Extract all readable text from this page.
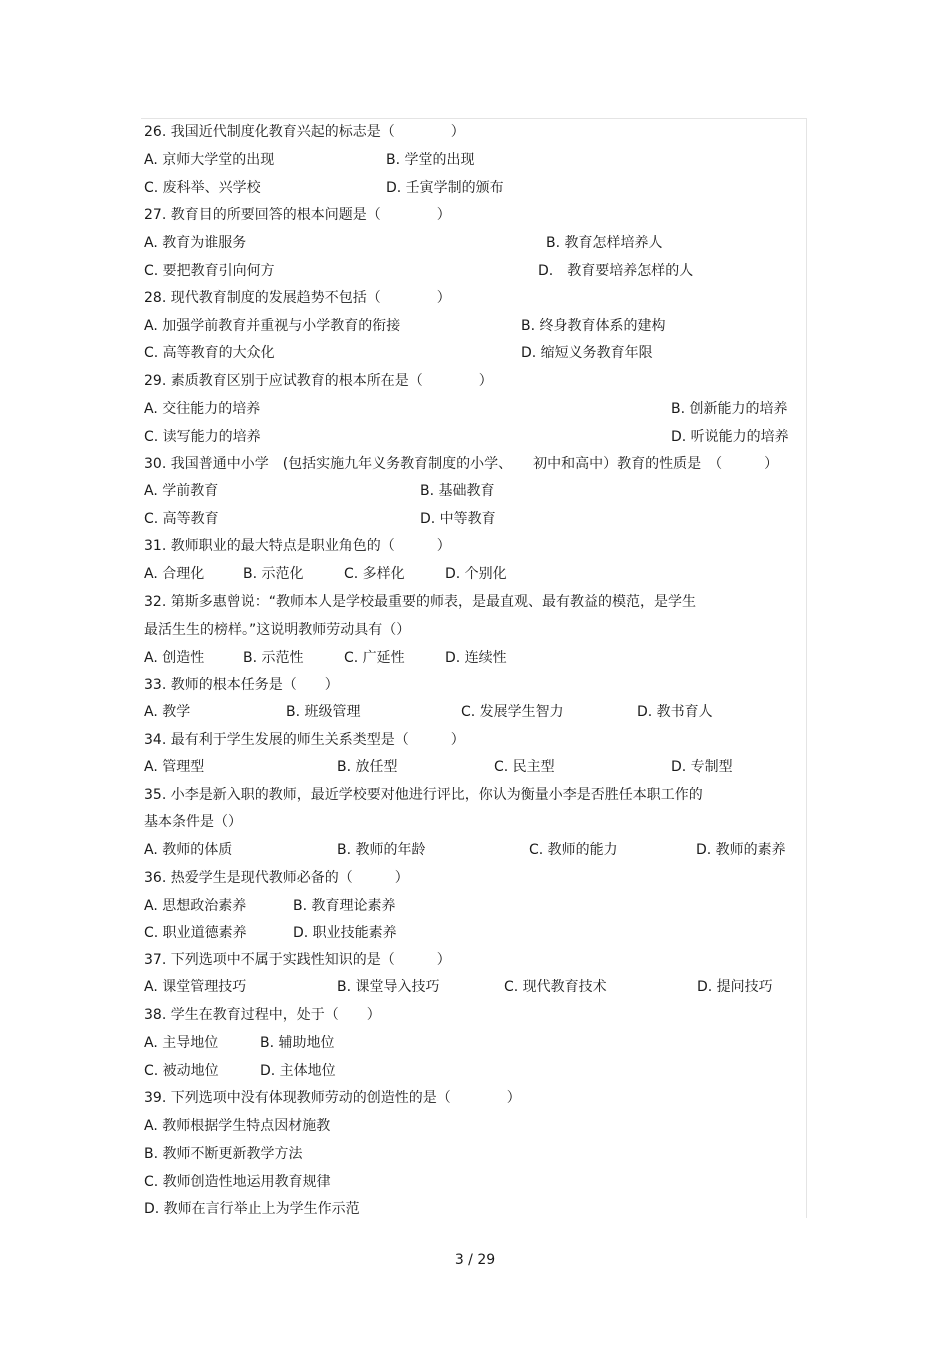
26. 我国近代制度化教育兴起的标志是（　　　　）
A. 京师大学堂的出现	B. 学堂的出现
C. 废科举、兴学校	D. 壬寅学制的颁布
27. 教育目的所要回答的根本问题是（　　　　）
A. 教育为谁服务	B. 教育怎样培养人
C. 要把教育引向何方	D.　教育要培养怎样的人
28. 现代教育制度的发展趋势不包括（　　　　）
A. 加强学前教育并重视与小学教育的衔接	B. 终身教育体系的建构
C. 高等教育的大众化	D. 缩短义务教育年限
29. 素质教育区别于应试教育的根本所在是（　　　　）
A. 交往能力的培养	B. 创新能力的培养
C. 读写能力的培养	D. 听说能力的培养
30. 我国普通中小学　(包括实施九年义务教育制度的小学、　　初中和高中）教育的性质是　（　　　）
A. 学前教育	B. 基础教育
C. 高等教育	D. 中等教育
31. 教师职业的最大特点是职业角色的（　　　）
A. 合理化	B. 示范化	C. 多样化	D. 个别化
32. 第斯多惠曾说：“教师本人是学校最重要的师表，是最直观、最有教益的模范，是学生
最活生生的榜样。”这说明教师劳动具有（）
A. 创造性	B. 示范性	C. 广延性	D. 连续性
33. 教师的根本任务是（　　）
A. 教学	B. 班级管理	C. 发展学生智力	D. 教书育人
34. 最有利于学生发展的师生关系类型是（　　　）
A. 管理型	B. 放任型	C. 民主型	D. 专制型
35. 小李是新入职的教师，最近学校要对他进行评比，你认为衡量小李是否胜任本职工作的
基本条件是（）
A. 教师的体质	B. 教师的年龄	C. 教师的能力	D. 教师的素养
36. 热爱学生是现代教师必备的（　　　）
A. 思想政治素养	B. 教育理论素养
C. 职业道德素养	D. 职业技能素养
37. 下列选项中不属于实践性知识的是（　　　）
A. 课堂管理技巧	B. 课堂导入技巧	C. 现代教育技术	D. 提问技巧
38. 学生在教育过程中，处于（　　）
A. 主导地位	B. 辅助地位
C. 被动地位	D. 主体地位
39. 下列选项中没有体现教师劳动的创造性的是（　　　　）
A. 教师根据学生特点因材施教
B. 教师不断更新教学方法
C. 教师创造性地运用教育规律
D. 教师在言行举止上为学生作示范
3 / 29
